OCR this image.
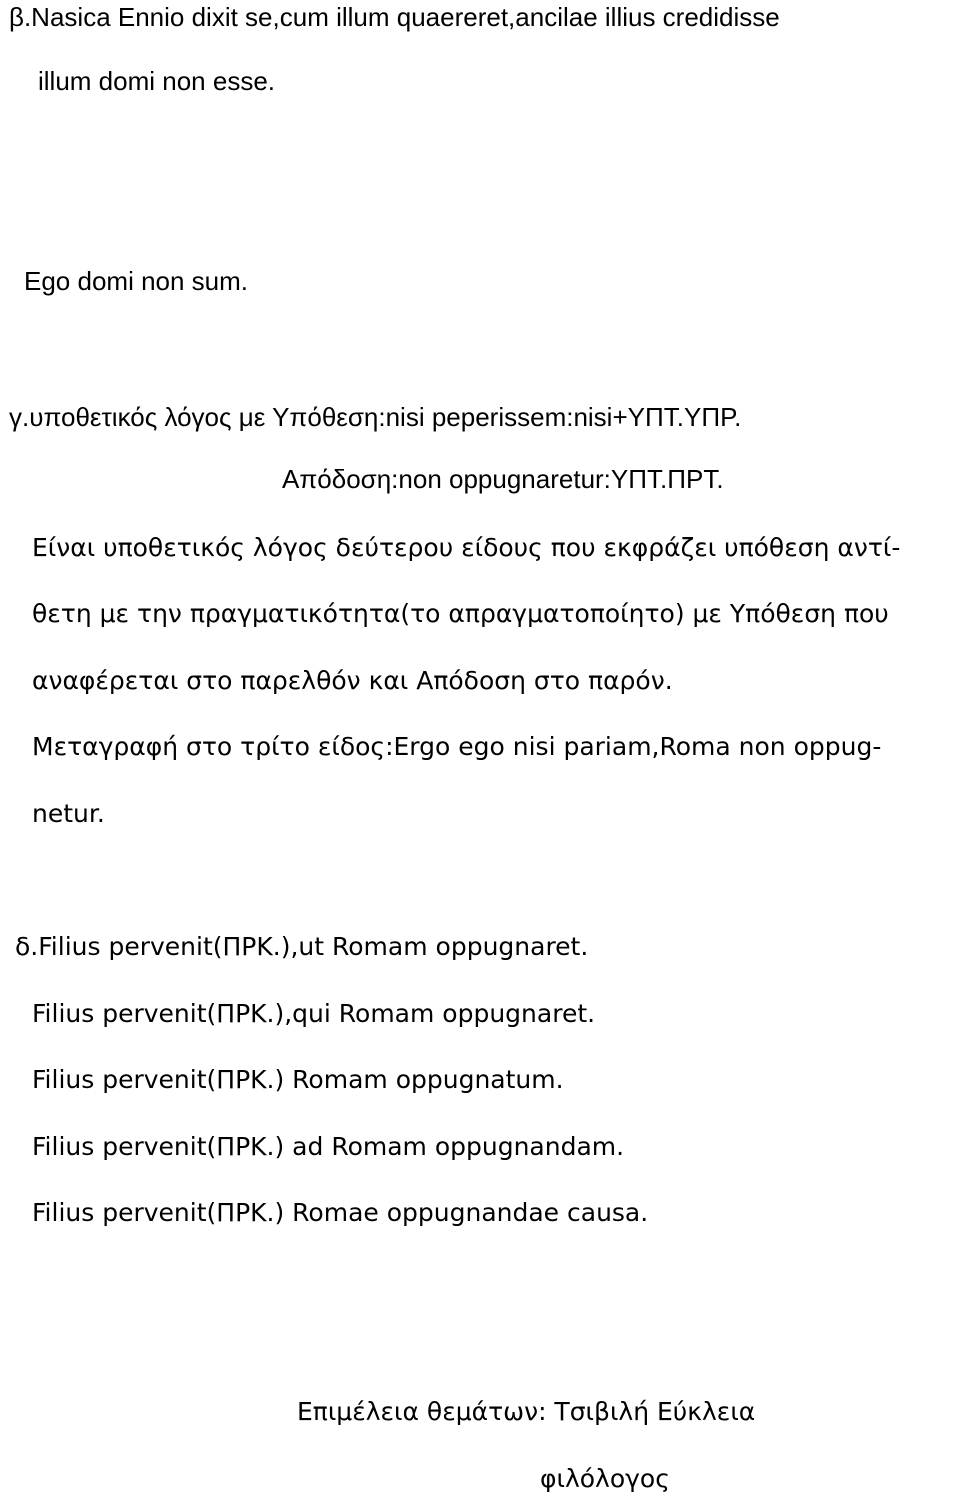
β.Nasica Ennio dixit se,cum illum quaereret,ancilae illius credidisse
illum domi non esse.
Ego domi non sum.
γ.υποθετικός λόγος με Υπόθεση:nisi peperissem:nisi+ΥΠΤ.ΥΠΡ.
Απόδοση:non oppugnaretur:ΥΠΤ.ΠΡΤ.
Είναι υποθετικός λόγος δεύτερου είδους που εκφράζει υπόθεση αντί-
θετη με την πραγματικότητα(το απραγματοποίητο) με Υπόθεση που
αναφέρεται στο παρελθόν και Απόδοση στο παρόν.
Μεταγραφή στο τρίτο είδος:Ergo ego nisi pariam,Roma non oppug-
netur.
δ.Filius pervenit(ΠΡΚ.),ut Romam oppugnaret.
Filius pervenit(ΠΡΚ.),qui Romam oppugnaret.
Filius pervenit(ΠΡΚ.) Romam oppugnatum.
Filius pervenit(ΠΡΚ.) ad Romam oppugnandam.
Filius pervenit(ΠΡΚ.) Romae oppugnandae causa.
Επιμέλεια θεμάτων: Τσιβιλή Εύκλεια
φιλόλογος
